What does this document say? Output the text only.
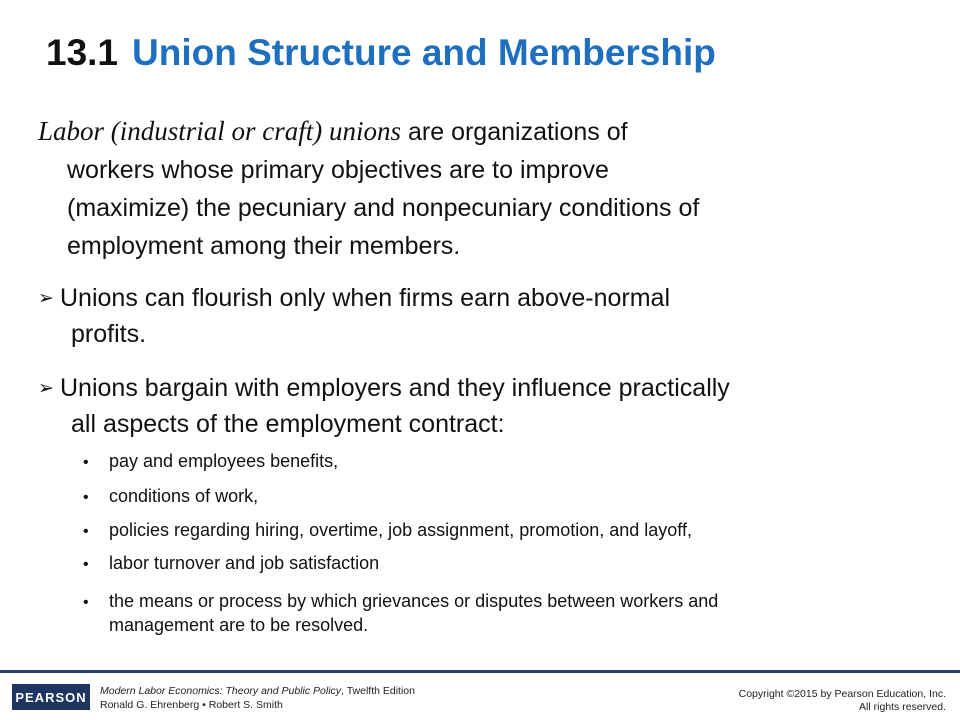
13.1 Union Structure and Membership
Labor (industrial or craft) unions are organizations of
workers whose primary objectives are to improve
(maximize) the pecuniary and nonpecuniary conditions of
employment among their members.
➢ Unions can flourish only when firms earn above-normal
profits.
➢ Unions bargain with employers and they influence practically
all aspects of the employment contract:
• pay and employees benefits,
• conditions of work,
• policies regarding hiring, overtime, job assignment, promotion, and layoff,
• labor turnover and job satisfaction
• the means or process by which grievances or disputes between workers and
management are to be resolved.
PEARSON	Modern Labor Economics: Theory and Public Policy, Twelfth Edition
Ronald G. Ehrenberg • Robert S. Smith
Copyright ©2015 by Pearson Education, Inc.
All rights reserved.
